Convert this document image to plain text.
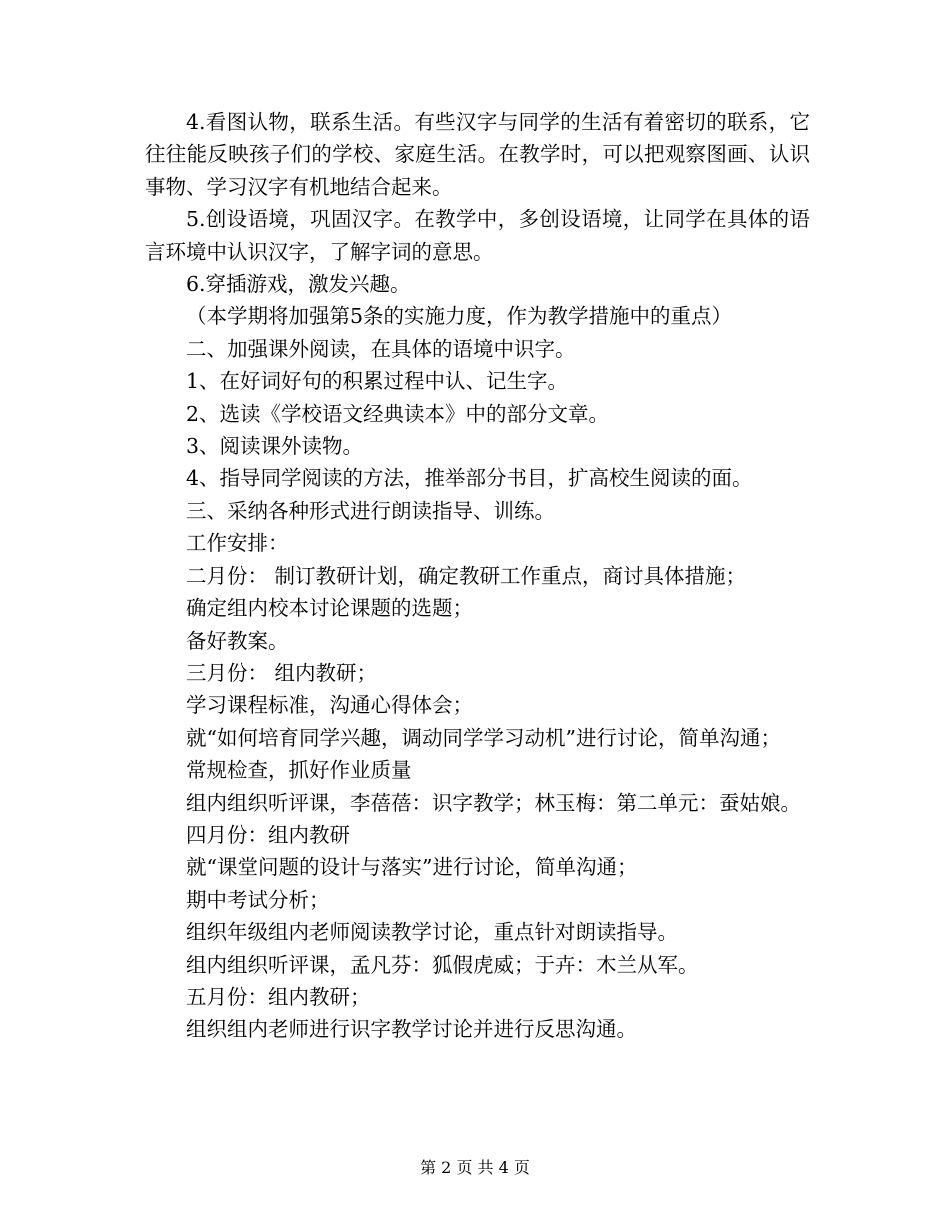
4.看图认物，联系生活。有些汉字与同学的生活有着密切的联系，它往往能反映孩子们的学校、家庭生活。在教学时，可以把观察图画、认识事物、学习汉字有机地结合起来。

5.创设语境，巩固汉字。在教学中，多创设语境，让同学在具体的语言环境中认识汉字，了解字词的意思。

6.穿插游戏，激发兴趣。

（本学期将加强第5条的实施力度，作为教学措施中的重点）

二、加强课外阅读，在具体的语境中识字。

1、在好词好句的积累过程中认、记生字。

2、选读《学校语文经典读本》中的部分文章。

3、阅读课外读物。

4、指导同学阅读的方法，推举部分书目，扩高校生阅读的面。

三、采纳各种形式进行朗读指导、训练。

工作安排：

二月份： 制订教研计划，确定教研工作重点，商讨具体措施；

确定组内校本讨论课题的选题；

备好教案。

三月份： 组内教研；

学习课程标准，沟通心得体会；

就“如何培育同学兴趣，调动同学学习动机”进行讨论，简单沟通；

常规检查，抓好作业质量

组内组织听评课，李蓓蓓：识字教学；林玉梅：第二单元：蚕姑娘。

四月份：组内教研

就“课堂问题的设计与落实”进行讨论，简单沟通；

期中考试分析；

组织年级组内老师阅读教学讨论，重点针对朗读指导。

组内组织听评课，孟凡芬：狐假虎威；于卉：木兰从军。

五月份：组内教研；

组织组内老师进行识字教学讨论并进行反思沟通。

第 2 页 共 4 页
